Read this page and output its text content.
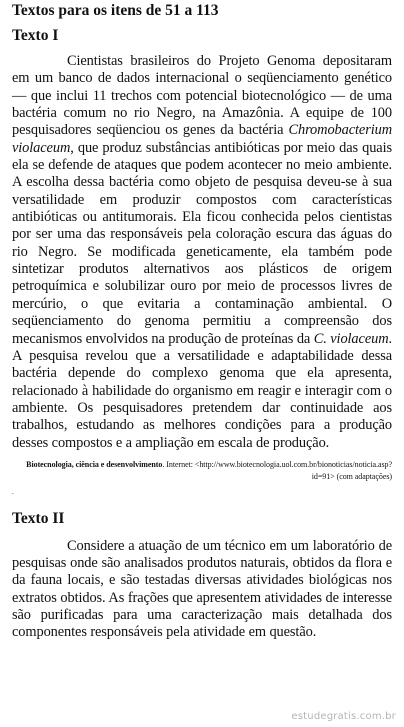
Textos para os itens de 51 a 113

Texto I

Cientistas brasileiros do Projeto Genoma depositaram em um banco de dados internacional o seqüenciamento genético — que inclui 11 trechos com potencial biotecnológico — de uma bactéria comum no rio Negro, na Amazônia. A equipe de 100 pesquisadores seqüenciou os genes da bactéria Chromobacterium violaceum, que produz substâncias antibióticas por meio das quais ela se defende de ataques que podem acontecer no meio ambiente. A escolha dessa bactéria como objeto de pesquisa deveu-se à sua versatilidade em produzir compostos com características antibióticas ou antitumorais. Ela ficou conhecida pelos cientistas por ser uma das responsáveis pela coloração escura das águas do rio Negro. Se modificada geneticamente, ela também pode sintetizar produtos alternativos aos plásticos de origem petroquímica e solubilizar ouro por meio de processos livres de mercúrio, o que evitaria a contaminação ambiental. O seqüenciamento do genoma permitiu a compreensão dos mecanismos envolvidos na produção de proteínas da C. violaceum. A pesquisa revelou que a versatilidade e adaptabilidade dessa bactéria depende do complexo genoma que ela apresenta, relacionado à habilidade do organismo em reagir e interagir com o ambiente. Os pesquisadores pretendem dar continuidade aos trabalhos, estudando as melhores condições para a produção desses compostos e a ampliação em escala de produção.

Biotecnologia, ciência e desenvolvimento. Internet: <http://www.biotecnologia.uol.com.br/bionoticias/noticia.asp?id=91> (com adaptações)

.

Texto II

Considere a atuação de um técnico em um laboratório de pesquisas onde são analisados produtos naturais, obtidos da flora e da fauna locais, e são testadas diversas atividades biológicas nos extratos obtidos. As frações que apresentem atividades de interesse são purificadas para uma caracterização mais detalhada dos componentes responsáveis pela atividade em questão.

estudegratis.com.br
